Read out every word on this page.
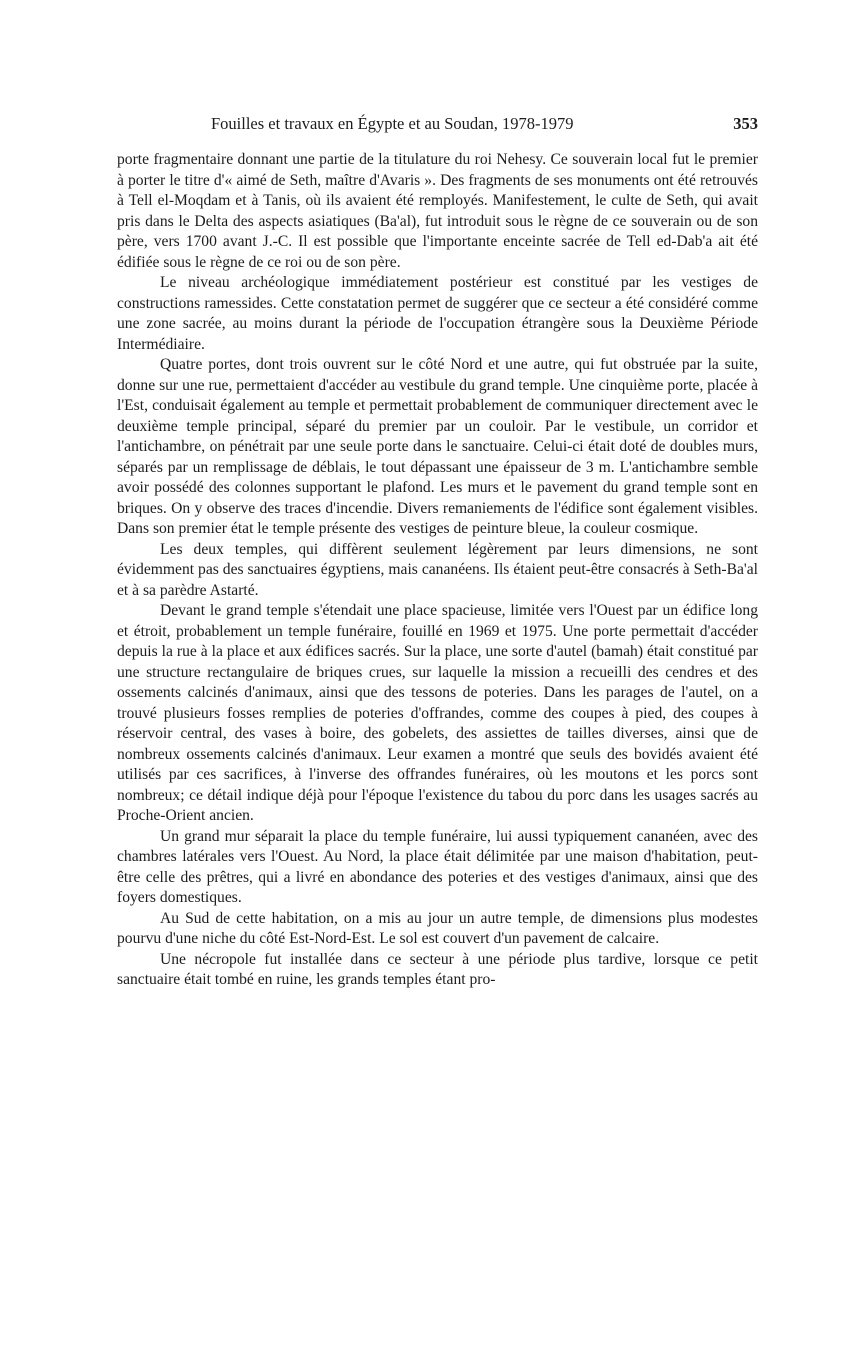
Fouilles et travaux en Égypte et au Soudan, 1978-1979	353

porte fragmentaire donnant une partie de la titulature du roi Nehesy. Ce souverain local fut le premier à porter le titre d'« aimé de Seth, maître d'Avaris ». Des fragments de ses monuments ont été retrouvés à Tell el-Moqdam et à Tanis, où ils avaient été remployés. Manifestement, le culte de Seth, qui avait pris dans le Delta des aspects asiatiques (Ba'al), fut introduit sous le règne de ce souverain ou de son père, vers 1700 avant J.-C. Il est possible que l'importante enceinte sacrée de Tell ed-Dab'a ait été édifiée sous le règne de ce roi ou de son père.

Le niveau archéologique immédiatement postérieur est constitué par les vestiges de constructions ramessides. Cette constatation permet de suggérer que ce secteur a été considéré comme une zone sacrée, au moins durant la période de l'occupation étrangère sous la Deuxième Période Intermédiaire.

Quatre portes, dont trois ouvrent sur le côté Nord et une autre, qui fut obstruée par la suite, donne sur une rue, permettaient d'accéder au vestibule du grand temple. Une cinquième porte, placée à l'Est, conduisait également au temple et permettait probablement de communiquer directement avec le deuxième temple principal, séparé du premier par un couloir. Par le vestibule, un corridor et l'antichambre, on pénétrait par une seule porte dans le sanctuaire. Celui-ci était doté de doubles murs, séparés par un remplissage de déblais, le tout dépassant une épaisseur de 3 m. L'antichambre semble avoir possédé des colonnes supportant le plafond. Les murs et le pavement du grand temple sont en briques. On y observe des traces d'incendie. Divers remaniements de l'édifice sont également visibles. Dans son premier état le temple présente des vestiges de peinture bleue, la couleur cosmique.

Les deux temples, qui diffèrent seulement légèrement par leurs dimensions, ne sont évidemment pas des sanctuaires égyptiens, mais cananéens. Ils étaient peut-être consacrés à Seth-Ba'al et à sa parèdre Astarté.

Devant le grand temple s'étendait une place spacieuse, limitée vers l'Ouest par un édifice long et étroit, probablement un temple funéraire, fouillé en 1969 et 1975. Une porte permettait d'accéder depuis la rue à la place et aux édifices sacrés. Sur la place, une sorte d'autel (bamah) était constitué par une structure rectangulaire de briques crues, sur laquelle la mission a recueilli des cendres et des ossements calcinés d'animaux, ainsi que des tessons de poteries. Dans les parages de l'autel, on a trouvé plusieurs fosses remplies de poteries d'offrandes, comme des coupes à pied, des coupes à réservoir central, des vases à boire, des gobelets, des assiettes de tailles diverses, ainsi que de nombreux ossements calcinés d'animaux. Leur examen a montré que seuls des bovidés avaient été utilisés par ces sacrifices, à l'inverse des offrandes funéraires, où les moutons et les porcs sont nombreux; ce détail indique déjà pour l'époque l'existence du tabou du porc dans les usages sacrés au Proche-Orient ancien.

Un grand mur séparait la place du temple funéraire, lui aussi typiquement cananéen, avec des chambres latérales vers l'Ouest. Au Nord, la place était délimitée par une maison d'habitation, peut-être celle des prêtres, qui a livré en abondance des poteries et des vestiges d'animaux, ainsi que des foyers domestiques.

Au Sud de cette habitation, on a mis au jour un autre temple, de dimensions plus modestes pourvu d'une niche du côté Est-Nord-Est. Le sol est couvert d'un pavement de calcaire.

Une nécropole fut installée dans ce secteur à une période plus tardive, lorsque ce petit sanctuaire était tombé en ruine, les grands temples étant pro-
